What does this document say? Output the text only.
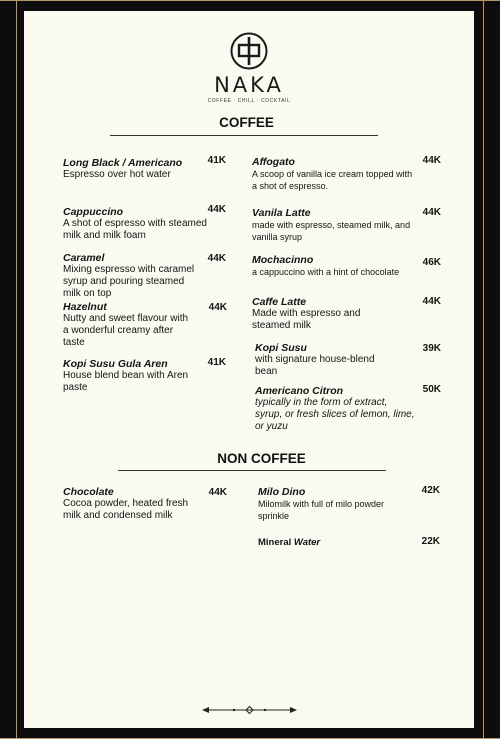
NAKA
COFFEE · CHILL · COCKTAIL
COFFEE
Long Black / Americano
Espresso over hot water
41K
Cappuccino
A shot of espresso with steamed milk and milk foam
44K
Caramel
Mixing espresso with caramel syrup and pouring steamed milk on top
44K
Hazelnut
Nutty and sweet flavour with a wonderful creamy after taste
44K
Kopi Susu Gula Aren
House blend bean with Aren paste
41K
Affogato
A scoop of vanilla ice cream topped with a shot of espresso.
44K
Vanila Latte
made with espresso, steamed milk, and vanilla syrup
44K
Mochacinno
a cappuccino with a hint of chocolate
46K
Caffe Latte
Made with espresso and steamed milk
44K
Kopi Susu
with signature house-blend bean
39K
Americano Citron
typically in the form of extract, syrup, or fresh slices of lemon, lime, or yuzu
50K
NON COFFEE
Chocolate
Cocoa powder, heated fresh milk and condensed milk
44K	Milo Dino
Milomilk with full of milo powder sprinkle
42K
Mineral Water	22K
